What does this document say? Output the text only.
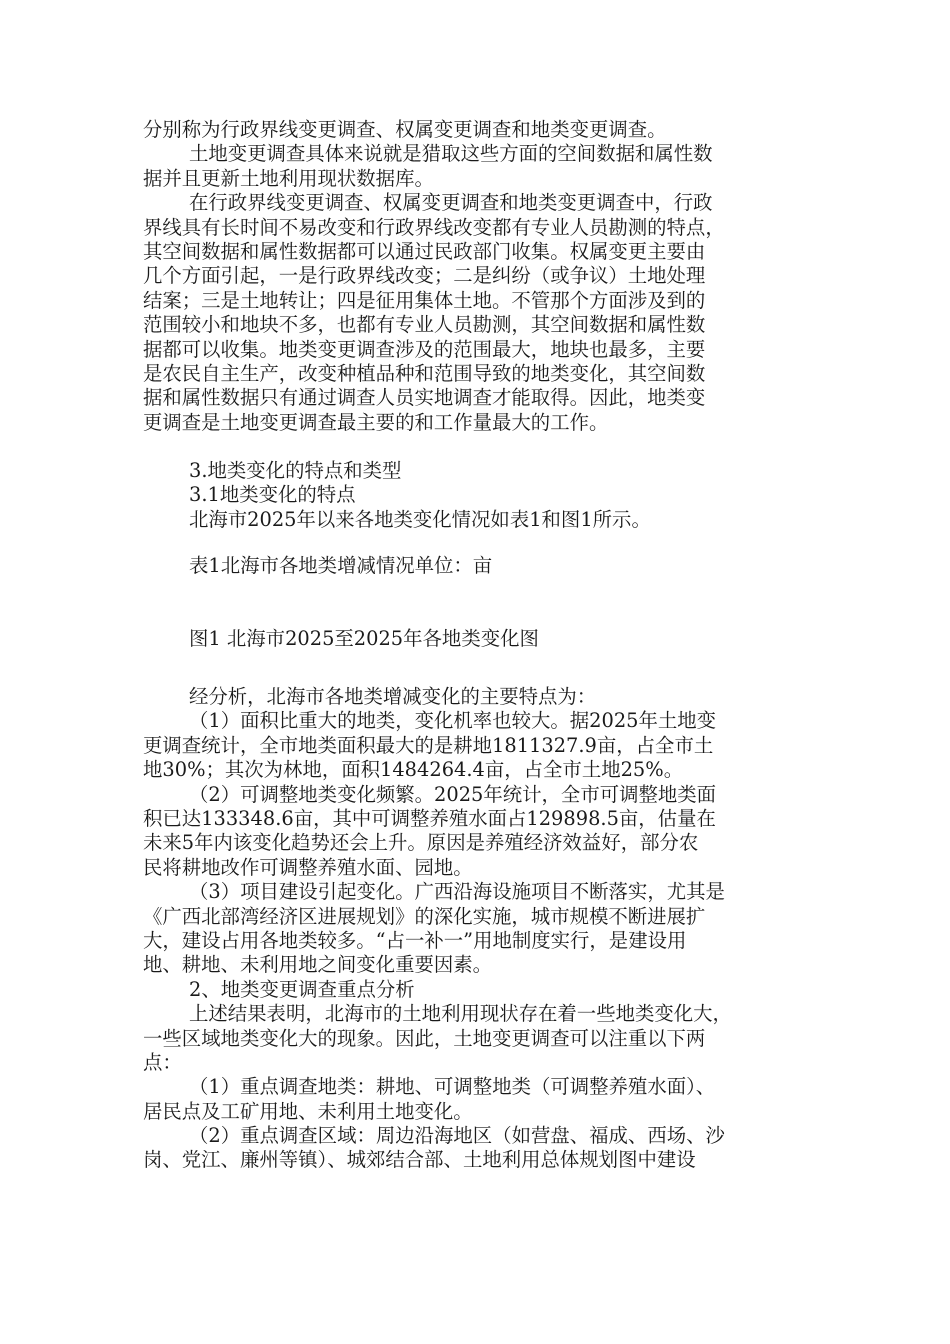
分别称为行政界线变更调查、权属变更调查和地类变更调查。

土地变更调查具体来说就是猎取这些方面的空间数据和属性数

据并且更新土地利用现状数据库。

在行政界线变更调查、权属变更调查和地类变更调查中，行政

界线具有长时间不易改变和行政界线改变都有专业人员勘测的特点，

其空间数据和属性数据都可以通过民政部门收集。权属变更主要由

几个方面引起，一是行政界线改变；二是纠纷（或争议）土地处理

结案；三是土地转让；四是征用集体土地。不管那个方面涉及到的

范围较小和地块不多，也都有专业人员勘测，其空间数据和属性数

据都可以收集。地类变更调查涉及的范围最大，地块也最多，主要

是农民自主生产，改变种植品种和范围导致的地类变化，其空间数

据和属性数据只有通过调查人员实地调查才能取得。因此，地类变

更调查是土地变更调查最主要的和工作量最大的工作。

3.地类变化的特点和类型

3.1地类变化的特点

北海市2025年以来各地类变化情况如表1和图1所示。

表1北海市各地类增减情况单位：亩

图1 北海市2025至2025年各地类变化图

经分析，北海市各地类增减变化的主要特点为：

（1）面积比重大的地类，变化机率也较大。据2025年土地变

更调查统计，全市地类面积最大的是耕地1811327.9亩，占全市土

地30%；其次为林地，面积1484264.4亩，占全市土地25%。

（2）可调整地类变化频繁。2025年统计，全市可调整地类面

积已达133348.6亩，其中可调整养殖水面占129898.5亩，估量在

未来5年内该变化趋势还会上升。原因是养殖经济效益好，部分农

民将耕地改作可调整养殖水面、园地。

（3）项目建设引起变化。广西沿海设施项目不断落实，尤其是

《广西北部湾经济区进展规划》的深化实施，城市规模不断进展扩

大，建设占用各地类较多。“占一补一”用地制度实行，是建设用

地、耕地、未利用地之间变化重要因素。

2、地类变更调查重点分析

上述结果表明，北海市的土地利用现状存在着一些地类变化大，

一些区域地类变化大的现象。因此，土地变更调查可以注重以下两

点：

（1）重点调查地类：耕地、可调整地类（可调整养殖水面）、

居民点及工矿用地、未利用土地变化。

（2）重点调查区域：周边沿海地区（如营盘、福成、西场、沙

岗、党江、廉州等镇）、城郊结合部、土地利用总体规划图中建设
